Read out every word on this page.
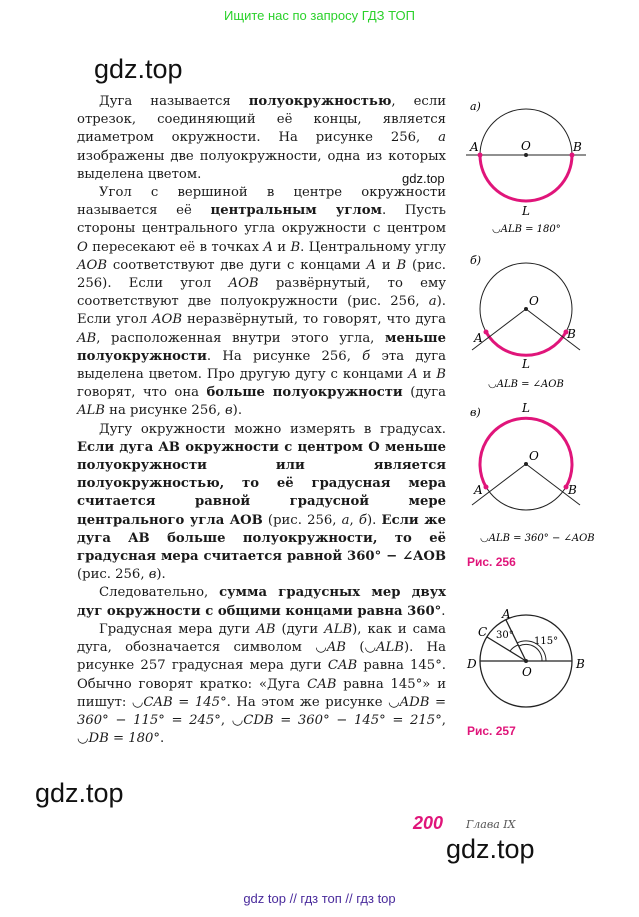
Ищите нас по запросу ГДЗ ТОП
gdz.top
gdz.top
gdz.top
gdz.top

Дуга называется полуокружностью, если отрезок, соединяющий её концы, является диаметром окружности. На рисунке 256, а изображены две полуокружности, одна из которых выделена цветом.

Угол с вершиной в центре окружности называется её центральным углом. Пусть стороны центрального угла окружности с центром O пересекают её в точках A и B. Центральному углу AOB соответствуют две дуги с концами A и B (рис. 256). Если угол AOB развёрнутый, то ему соответствуют две полуокружности (рис. 256, а). Если угол AOB неразвёрнутый, то говорят, что дуга AB, расположенная внутри этого угла, меньше полуокружности. На рисунке 256, б эта дуга выделена цветом. Про другую дугу с концами A и B говорят, что она больше полуокружности (дуга ALB на рисунке 256, в).

Дугу окружности можно измерять в градусах. Если дуга AB окружности с центром O меньше полуокружности или является полуокружностью, то её градусная мера считается равной градусной мере центрального угла AOB (рис. 256, а, б). Если же дуга AB больше полуокружности, то её градусная мера считается равной 360° − ∠AOB (рис. 256, в).

Следовательно, сумма градусных мер двух дуг окружности с общими концами равна 360°.

Градусная мера дуги AB (дуги ALB), как и сама дуга, обозначается символом ◡AB (◡ALB). На рисунке 257 градусная мера дуги CAB равна 145°. Обычно говорят кратко: «Дуга CAB равна 145°» и пишут: ◡CAB = 145°. На этом же рисунке ◡ADB = 360° − 115° = 245°, ◡CDB = 360° − 145° = 215°, ◡DB = 180°.

а)
A	O	B
L
◡ALB = 180°
б)
O
A	B
L
◡ALB = ∠AOB
в)	L
O
A	B
◡ALB = 360° − ∠AOB
Рис. 256
A
C
D	B
O
30°
115°
Рис. 257
200 Глава IX
gdz top // гдз топ // гдз top
